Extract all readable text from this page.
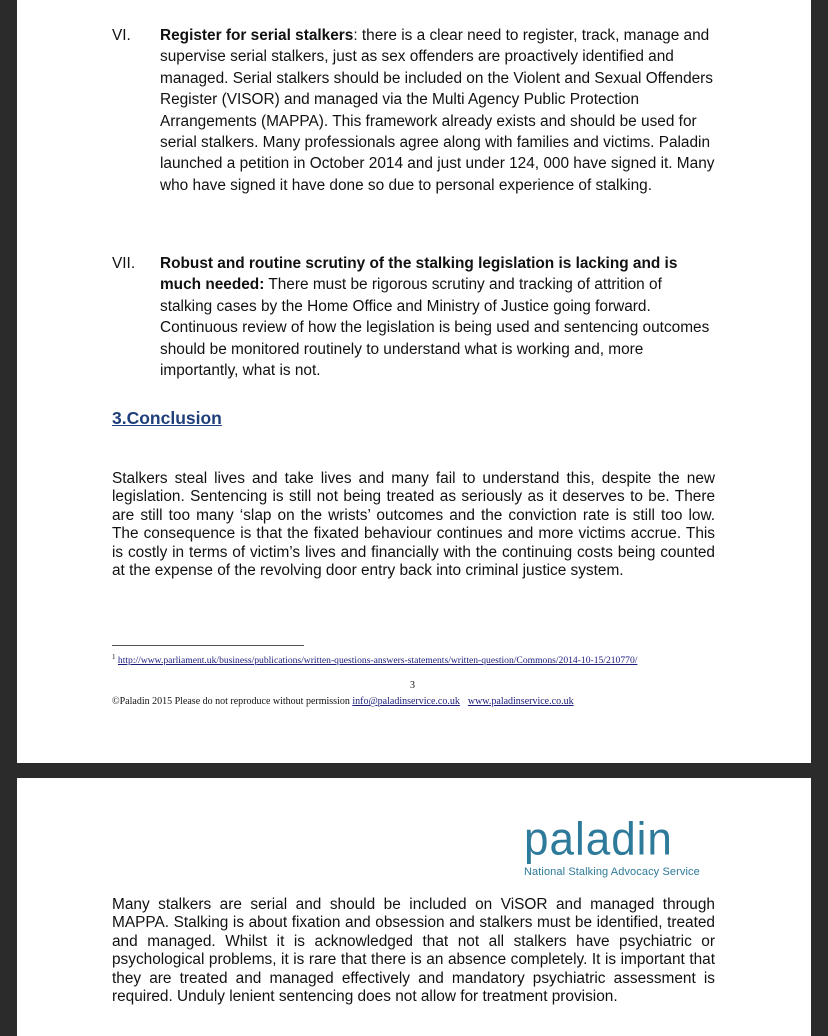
VI. Register for serial stalkers: there is a clear need to register, track, manage and supervise serial stalkers, just as sex offenders are proactively identified and managed. Serial stalkers should be included on the Violent and Sexual Offenders Register (VISOR) and managed via the Multi Agency Public Protection Arrangements (MAPPA). This framework already exists and should be used for serial stalkers. Many professionals agree along with families and victims. Paladin launched a petition in October 2014 and just under 124, 000 have signed it. Many who have signed it have done so due to personal experience of stalking.
VII. Robust and routine scrutiny of the stalking legislation is lacking and is much needed: There must be rigorous scrutiny and tracking of attrition of stalking cases by the Home Office and Ministry of Justice going forward. Continuous review of how the legislation is being used and sentencing outcomes should be monitored routinely to understand what is working and, more importantly, what is not.
3.Conclusion
Stalkers steal lives and take lives and many fail to understand this, despite the new legislation. Sentencing is still not being treated as seriously as it deserves to be. There are still too many ‘slap on the wrists’ outcomes and the conviction rate is still too low. The consequence is that the fixated behaviour continues and more victims accrue. This is costly in terms of victim’s lives and financially with the continuing costs being counted at the expense of the revolving door entry back into criminal justice system.
$^1$ http://www.parliament.uk/business/publications/written-questions-answers-statements/written-question/Commons/2014-10-15/210770/
3
©Paladin 2015 Please do not reproduce without permission info@paladinservice.co.uk www.paladinservice.co.uk
paladin
National Stalking Advocacy Service
Many stalkers are serial and should be included on ViSOR and managed through MAPPA. Stalking is about fixation and obsession and stalkers must be identified, treated and managed. Whilst it is acknowledged that not all stalkers have psychiatric or psychological problems, it is rare that there is an absence completely. It is important that they are treated and managed effectively and mandatory psychiatric assessment is required. Unduly lenient sentencing does not allow for treatment provision.
